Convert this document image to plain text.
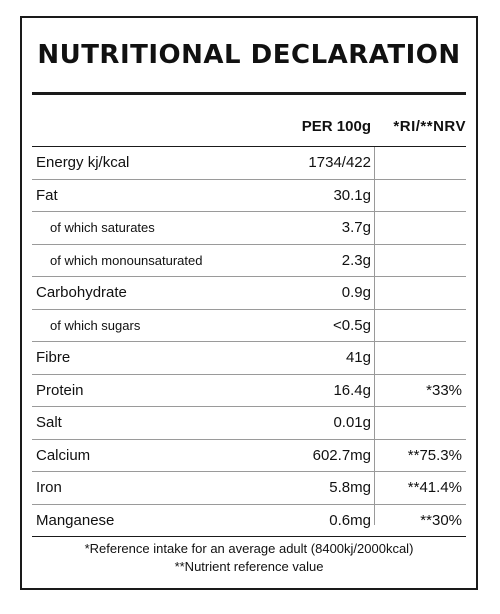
NUTRITIONAL DECLARATION
PER 100g *RI/**NRV
Energy kj/kcal	1734/422
Fat	30.1g
of which saturates	3.7g
of which monounsaturated	2.3g
Carbohydrate	0.9g
of which sugars	<0.5g
Fibre	41g
Protein	16.4g	*33%
Salt	0.01g
Calcium	602.7mg **75.3%
Iron	5.8mg **41.4%
Manganese	0.6mg	**30%
*Reference intake for an average adult (8400kj/2000kcal)
**Nutrient reference value
